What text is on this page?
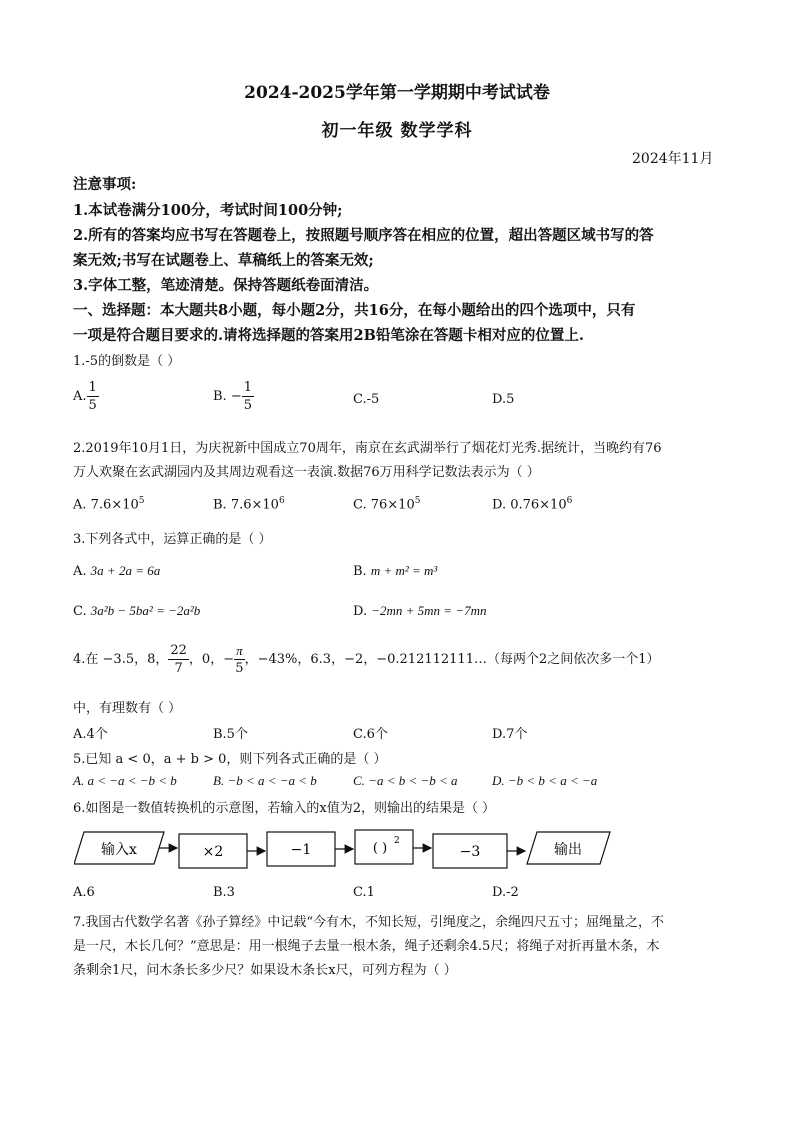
2024-2025学年第一学期期中考试试卷
初一年级 数学学科
2024年11月
注意事项:
1.本试卷满分100分，考试时间100分钟;
2.所有的答案均应书写在答题卷上，按照题号顺序答在相应的位置，超出答题区域书写的答
案无效;书写在试题卷上、草稿纸上的答案无效;
3.字体工整，笔迹清楚。保持答题纸卷面清洁。
一、选择题：本大题共8小题，每小题2分，共16分，在每小题给出的四个选项中，只有
一项是符合题目要求的.请将选择题的答案用2B铅笔涂在答题卡相对应的位置上.
1.-5的倒数是（ ）
A. $\frac{1}{5}$	B. − $\frac{1}{5}$	C.-5	D.5
2.2019年10月1日，为庆祝新中国成立70周年，南京在玄武湖举行了烟花灯光秀.据统计，当晚约有76
万人欢聚在玄武湖园内及其周边观看这一表演.数据76万用科学记数法表示为（ ）
A. $7.6\times 10^5$	B. $7.6\times 10^6$	C. $76\times 10^5$	D. $0.76\times 10^6$
3.下列各式中，运算正确的是（ ）
A. 3a + 2a = 6a	B. m + m² = m³
C. 3a²b − 5ba² = −2a²b	D. −2mn + 5mn = −7mn
4.在 −3.5，8， $\frac{22}{7}$ ，0，− $\frac{\pi}{5}$ ，−43%，6.3，−2，−0.212112111…（每两个2之间依次多一个1）
中，有理数有（ ）
A.4个	B.5个	C.6个	D.7个
5.已知 a < 0，a + b > 0，则下列各式正确的是（ ）
A. a < −a < −b < b	B. −b < a < −a < b	C. −a < b < −b < a	D. −b < b < a < −a
6.如图是一数值转换机的示意图，若输入的x值为2，则输出的结果是（ ）
输入x	×2	−1	( ) 2
−3	输出
A.6	B.3	C.1	D.-2
7.我国古代数学名著《孙子算经》中记载“今有木，不知长短，引绳度之，余绳四尺五寸；屈绳量之，不
是一尺，木长几何？”意思是：用一根绳子去量一根木条，绳子还剩余4.5尺；将绳子对折再量木条，木
条剩余1尺，问木条长多少尺？如果设木条长x尺，可列方程为（ ）
